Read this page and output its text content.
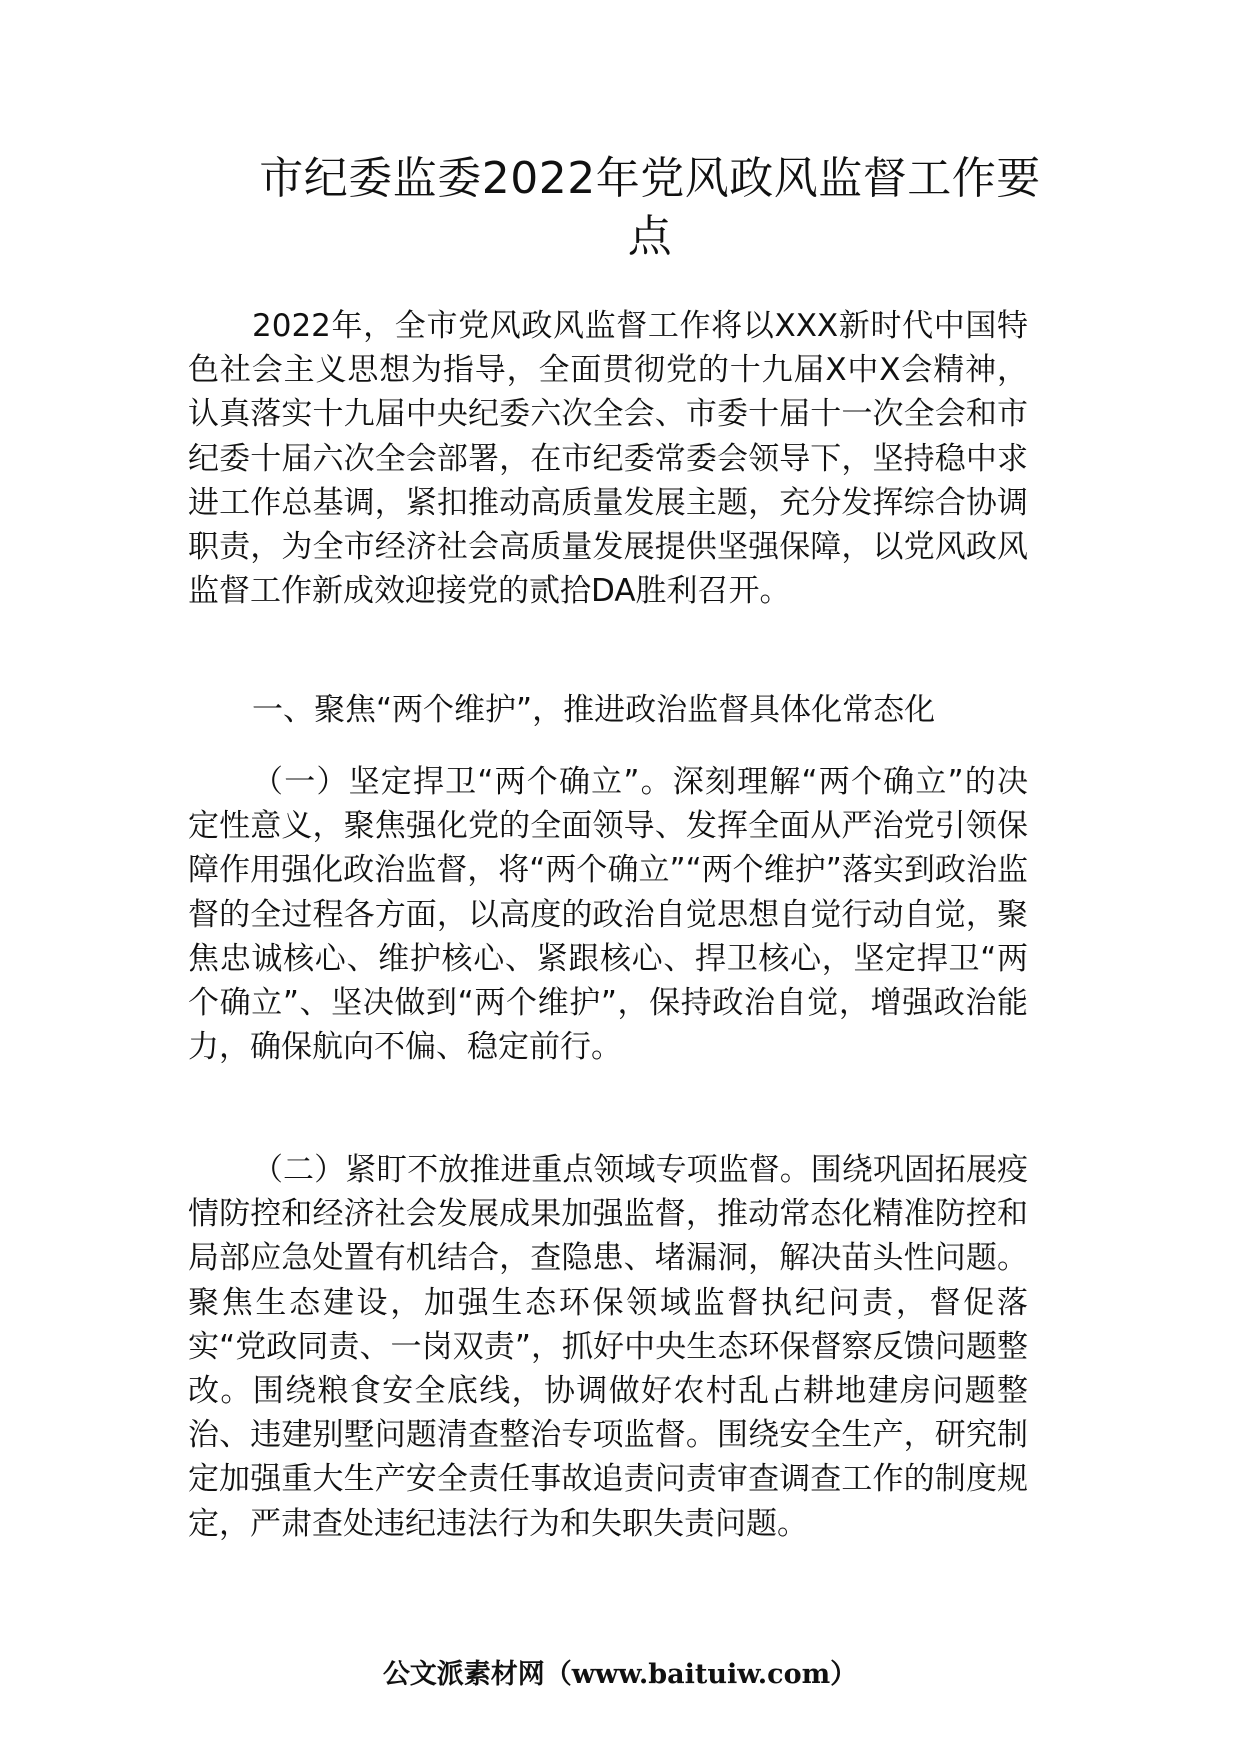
市纪委监委2022年党风政风监督工作要点

2022年，全市党风政风监督工作将以XXX新时代中国特色社会主义思想为指导，全面贯彻党的十九届X中X会精神，认真落实十九届中央纪委六次全会、市委十届十一次全会和市纪委十届六次全会部署，在市纪委常委会领导下，坚持稳中求进工作总基调，紧扣推动高质量发展主题，充分发挥综合协调职责，为全市经济社会高质量发展提供坚强保障，以党风政风监督工作新成效迎接党的贰拾DA胜利召开。

一、聚焦“两个维护”，推进政治监督具体化常态化

（一）坚定捍卫“两个确立”。深刻理解“两个确立”的决定性意义，聚焦强化党的全面领导、发挥全面从严治党引领保障作用强化政治监督，将“两个确立”“两个维护”落实到政治监督的全过程各方面，以高度的政治自觉思想自觉行动自觉，聚焦忠诚核心、维护核心、紧跟核心、捍卫核心，坚定捍卫“两个确立”、坚决做到“两个维护”，保持政治自觉，增强政治能力，确保航向不偏、稳定前行。

（二）紧盯不放推进重点领域专项监督。围绕巩固拓展疫情防控和经济社会发展成果加强监督，推动常态化精准防控和局部应急处置有机结合，查隐患、堵漏洞，解决苗头性问题。聚焦生态建设，加强生态环保领域监督执纪问责，督促落实“党政同责、一岗双责”，抓好中央生态环保督察反馈问题整改。围绕粮食安全底线，协调做好农村乱占耕地建房问题整治、违建别墅问题清查整治专项监督。围绕安全生产，研究制定加强重大生产安全责任事故追责问责审查调查工作的制度规定，严肃查处违纪违法行为和失职失责问题。

公文派素材网（www.baituiw.com）
